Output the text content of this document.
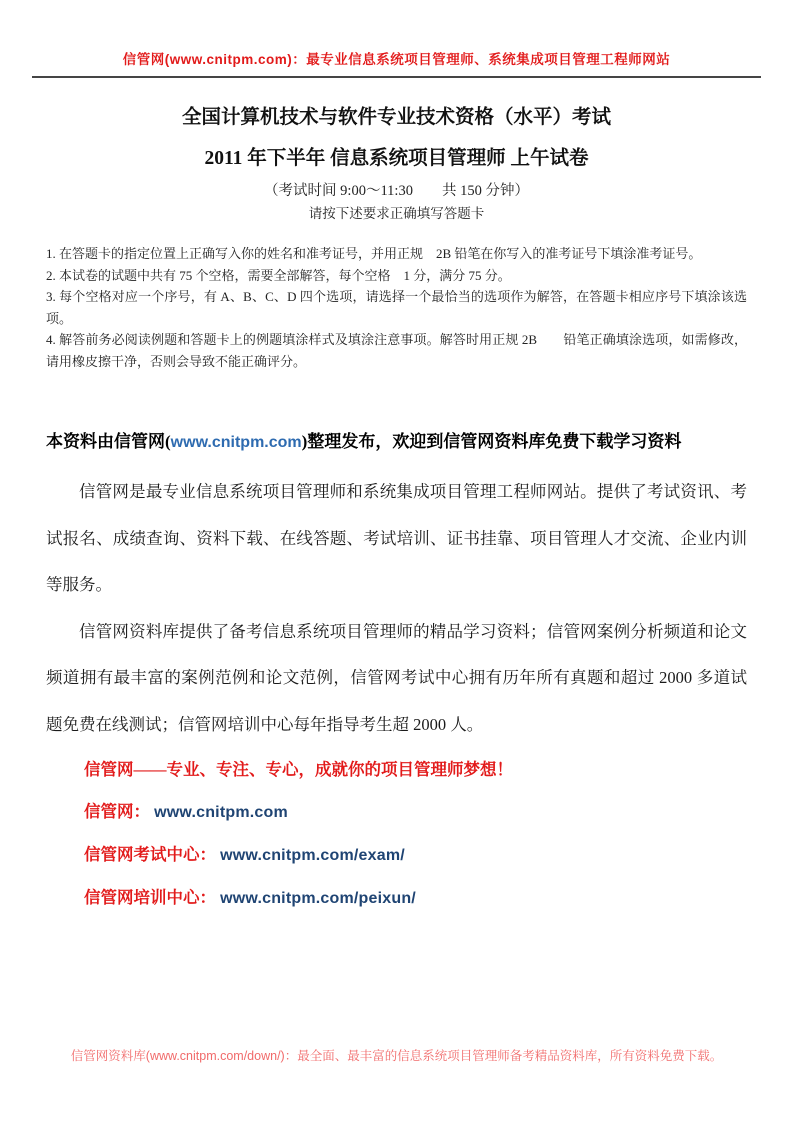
信管网(www.cnitpm.com)：最专业信息系统项目管理师、系统集成项目管理工程师网站
全国计算机技术与软件专业技术资格（水平）考试
2011 年下半年 信息系统项目管理师 上午试卷
（考试时间 9:00～11:30　　共 150 分钟）
请按下述要求正确填写答题卡

1. 在答题卡的指定位置上正确写入你的姓名和准考证号，并用正规　2B 铅笔在你写入的准考证号下填涂准考证号。

2. 本试卷的试题中共有 75 个空格，需要全部解答，每个空格　1 分，满分 75 分。

3. 每个空格对应一个序号，有 A、B、C、D 四个选项，请选择一个最恰当的选项作为解答，在答题卡相应序号下填涂该选项。

4. 解答前务必阅读例题和答题卡上的例题填涂样式及填涂注意事项。解答时用正规 2B　　铅笔正确填涂选项，如需修改，请用橡皮擦干净，否则会导致不能正确评分。

本资料由信管网(www.cnitpm.com)整理发布，欢迎到信管网资料库免费下载学习资料

信管网是最专业信息系统项目管理师和系统集成项目管理工程师网站。提供了考试资讯、考试报名、成绩查询、资料下载、在线答题、考试培训、证书挂靠、项目管理人才交流、企业内训等服务。

信管网资料库提供了备考信息系统项目管理师的精品学习资料；信管网案例分析频道和论文频道拥有最丰富的案例范例和论文范例，信管网考试中心拥有历年所有真题和超过 2000 多道试题免费在线测试；信管网培训中心每年指导考生超 2000 人。

信管网——专业、专注、专心，成就你的项目管理师梦想！

信管网： www.cnitpm.com

信管网考试中心： www.cnitpm.com/exam/

信管网培训中心： www.cnitpm.com/peixun/

信管网资料库(www.cnitpm.com/down/)：最全面、最丰富的信息系统项目管理师备考精品资料库，所有资料免费下载。
